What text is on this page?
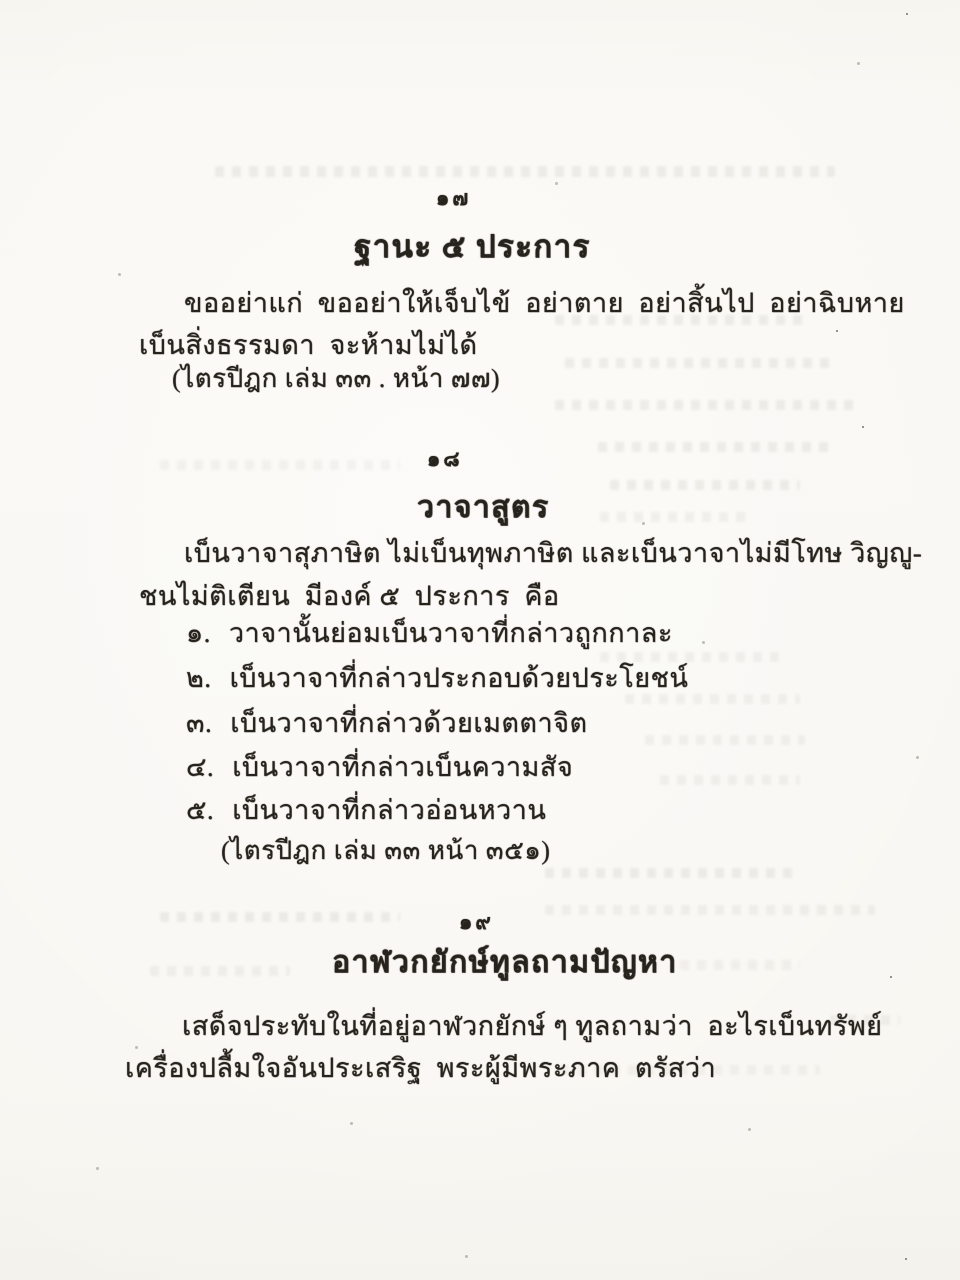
๑๗
ฐานะ ๕ ประการ
ขออย่าแก่  ขออย่าให้เจ็บไข้  อย่าตาย  อย่าสิ้นไป  อย่าฉิบหาย
เบ็นสิ่งธรรมดา  จะห้ามไม่ได้
(ไตรปีฎก เล่ม ๓๓ . หน้า ๗๗)
๑๘
วาจาสูตร
เบ็นวาจาสุภาษิต ไม่เบ็นทุพภาษิต และเบ็นวาจาไม่มีโทษ วิญญู-
ชนไม่ติเตียน  มีองค์ ๕  ประการ  คือ
๑. วาจานั้นย่อมเบ็นวาจาที่กล่าวถูกกาละ
๒. เบ็นวาจาที่กล่าวประกอบด้วยประโยชน์
๓. เบ็นวาจาที่กล่าวด้วยเมตตาจิต
๔. เบ็นวาจาที่กล่าวเบ็นความสัจ
๕. เบ็นวาจาที่กล่าวอ่อนหวาน
(ไตรปีฎก เล่ม ๓๓ หน้า ๓๕๑)
๑๙
อาฬวกยักษ์ทูลถามปัญหา
เสด็จประทับในที่อยู่อาฬวกยักษ์ ๆ ทูลถามว่า  อะไรเบ็นทรัพย์
เครื่องปลื้มใจอันประเสริฐ  พระผู้มีพระภาค  ตรัสว่า
